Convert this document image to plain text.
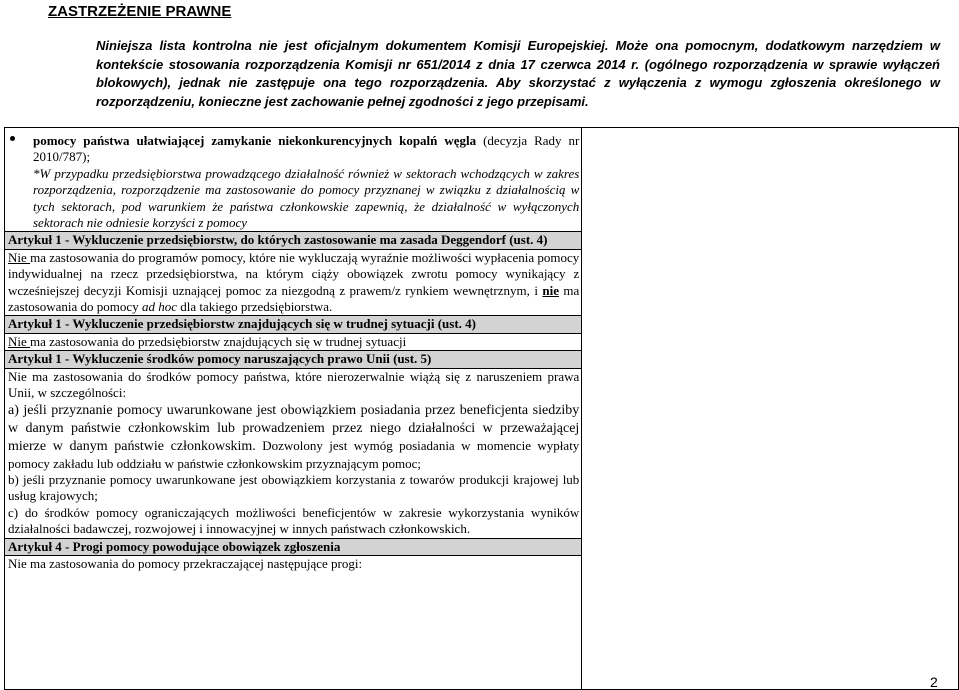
ZASTRZEŻENIE PRAWNE
Niniejsza lista kontrolna nie jest oficjalnym dokumentem Komisji Europejskiej. Może ona pomocnym, dodatkowym narzędziem w kontekście stosowania rozporządzenia Komisji nr 651/2014 z dnia 17 czerwca 2014 r. (ogólnego rozporządzenia w sprawie wyłączeń blokowych), jednak nie zastępuje ona tego rozporządzenia. Aby skorzystać z wyłączenia z wymogu zgłoszenia określonego w rozporządzeniu, konieczne jest zachowanie pełnej zgodności z jego przepisami.

pomocy państwa ułatwiającej zamykanie niekonkurencyjnych kopalń węgla (decyzja Rady nr 2010/787);

*W przypadku przedsiębiorstwa prowadzącego działalność również w sektorach wchodzących w zakres rozporządzenia, rozporządzenie ma zastosowanie do pomocy przyznanej w związku z działalnością w tych sektorach, pod warunkiem że państwa członkowskie zapewnią, że działalność w wyłączonych sektorach nie odniesie korzyści z pomocy

Artykuł 1 - Wykluczenie przedsiębiorstw, do których zastosowanie ma zasada Deggendorf (ust. 4)

Nie ma zastosowania do programów pomocy, które nie wykluczają wyraźnie możliwości wypłacenia pomocy indywidualnej na rzecz przedsiębiorstwa, na którym ciąży obowiązek zwrotu pomocy wynikający z wcześniejszej decyzji Komisji uznającej pomoc za niezgodną z prawem/z rynkiem wewnętrznym, i nie ma zastosowania do pomocy ad hoc dla takiego przedsiębiorstwa.

Artykuł 1 - Wykluczenie przedsiębiorstw znajdujących się w trudnej sytuacji (ust. 4)

Nie ma zastosowania do przedsiębiorstw znajdujących się w trudnej sytuacji

Artykuł 1 - Wykluczenie środków pomocy naruszających prawo Unii (ust. 5)

Nie ma zastosowania do środków pomocy państwa, które nierozerwalnie wiążą się z naruszeniem prawa Unii, w szczególności:

a) jeśli przyznanie pomocy uwarunkowane jest obowiązkiem posiadania przez beneficjenta siedziby w danym państwie członkowskim lub prowadzeniem przez niego działalności w przeważającej mierze w danym państwie członkowskim. Dozwolony jest wymóg posiadania w momencie wypłaty pomocy zakładu lub oddziału w państwie członkowskim przyznającym pomoc;

b) jeśli przyznanie pomocy uwarunkowane jest obowiązkiem korzystania z towarów produkcji krajowej lub usług krajowych;

c) do środków pomocy ograniczających możliwości beneficjentów w zakresie wykorzystania wyników działalności badawczej, rozwojowej i innowacyjnej w innych państwach członkowskich.

Artykuł 4 - Progi pomocy powodujące obowiązek zgłoszenia

Nie ma zastosowania do pomocy przekraczającej następujące progi:

2
